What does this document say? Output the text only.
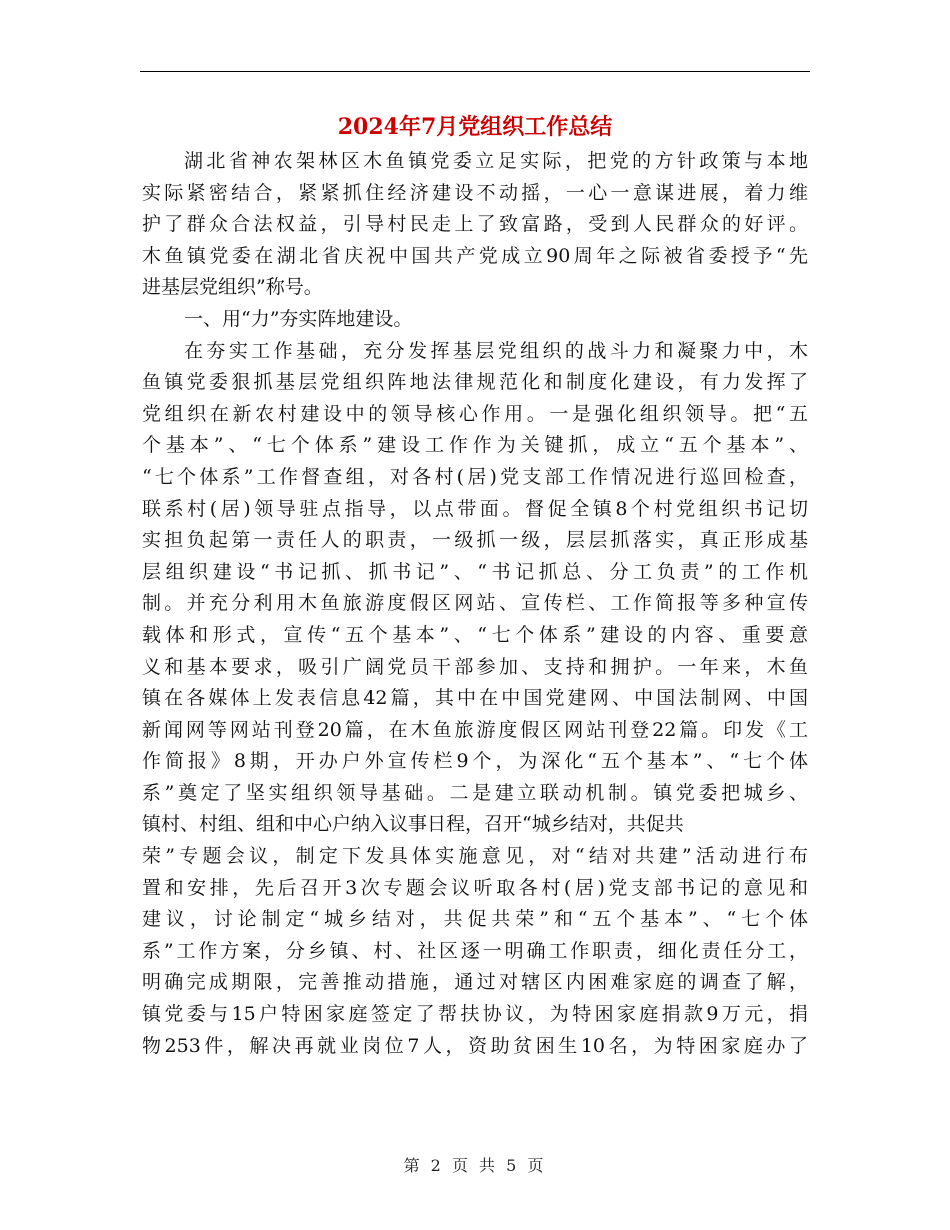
2024年7月党组织工作总结
湖北省神农架林区木鱼镇党委立足实际，把党的方针政策与本地
实际紧密结合，紧紧抓住经济建设不动摇，一心一意谋进展，着力维
护了群众合法权益，引导村民走上了致富路，受到人民群众的好评。
木鱼镇党委在湖北省庆祝中国共产党成立90周年之际被省委授予“先
进基层党组织”称号。
一、用“力”夯实阵地建设。
在夯实工作基础，充分发挥基层党组织的战斗力和凝聚力中，木
鱼镇党委狠抓基层党组织阵地法律规范化和制度化建设，有力发挥了
党组织在新农村建设中的领导核心作用。一是强化组织领导。把“五
个基本”、“七个体系”建设工作作为关键抓，成立“五个基本”、
“七个体系”工作督查组，对各村(居)党支部工作情况进行巡回检查，
联系村(居)领导驻点指导，以点带面。督促全镇8个村党组织书记切
实担负起第一责任人的职责，一级抓一级，层层抓落实，真正形成基
层组织建设“书记抓、抓书记”、“书记抓总、分工负责”的工作机
制。并充分利用木鱼旅游度假区网站、宣传栏、工作简报等多种宣传
载体和形式，宣传“五个基本”、“七个体系”建设的内容、重要意
义和基本要求，吸引广阔党员干部参加、支持和拥护。一年来，木鱼
镇在各媒体上发表信息42篇，其中在中国党建网、中国法制网、中国
新闻网等网站刊登20篇，在木鱼旅游度假区网站刊登22篇。印发《工
作简报》8期，开办户外宣传栏9个，为深化“五个基本”、“七个体
系”奠定了坚实组织领导基础。二是建立联动机制。镇党委把城乡、
镇村、村组、组和中心户纳入议事日程，召开“城乡结对，共促共
荣”专题会议，制定下发具体实施意见，对“结对共建”活动进行布
置和安排，先后召开3次专题会议听取各村(居)党支部书记的意见和
建议，讨论制定“城乡结对，共促共荣”和“五个基本”、“七个体
系”工作方案，分乡镇、村、社区逐一明确工作职责，细化责任分工，
明确完成期限，完善推动措施，通过对辖区内困难家庭的调查了解，
镇党委与15户特困家庭签定了帮扶协议，为特困家庭捐款9万元，捐
物253件，解决再就业岗位7人，资助贫困生10名，为特困家庭办了
第 2 页 共 5 页
